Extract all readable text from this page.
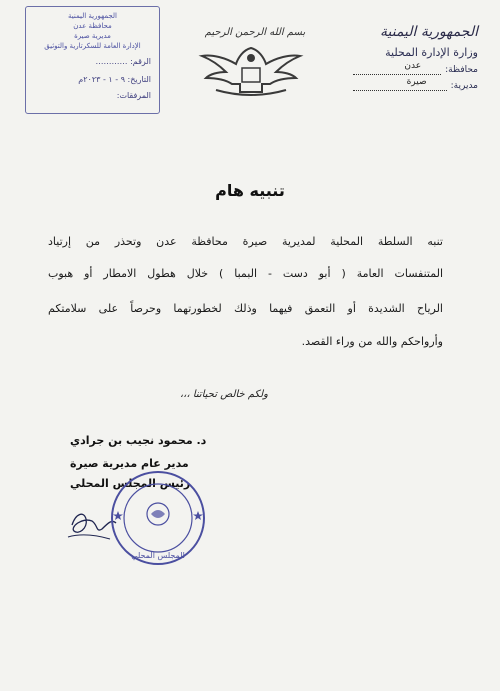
الجمهورية اليمنية
وزارة الإدارة المحلية
محافظة:
عدن
مديرية:
صيرة
بسم الله الرحمن الرحيم
الجمهورية اليمنية
محافظة عدن
مديرية صيرة
الإدارة العامة للسكرتارية والتوثيق
الرقم: …………
التاريخ: ٩ - ١ - ٢٠٢٣م
المرفقات:
تنبيه هام
تنبه السلطة المحلية لمديرية صيرة محافظة عدن وتحذر من إرتياد
المتنفسات العامة ( أبو دست - البمبا ) خلال هطول الامطار أو هبوب
الرياح الشديدة أو التعمق فيهما وذلك لخطورتهما وحرصاً على سلامتكم
وأرواحكم والله من وراء القصد.
ولكم خالص تحياتنا ،،،
د. محمود نجيب بن جرادي
مدير عام مديرية صيرة
رئيس المجلس المحلي
المجلس المحلي
